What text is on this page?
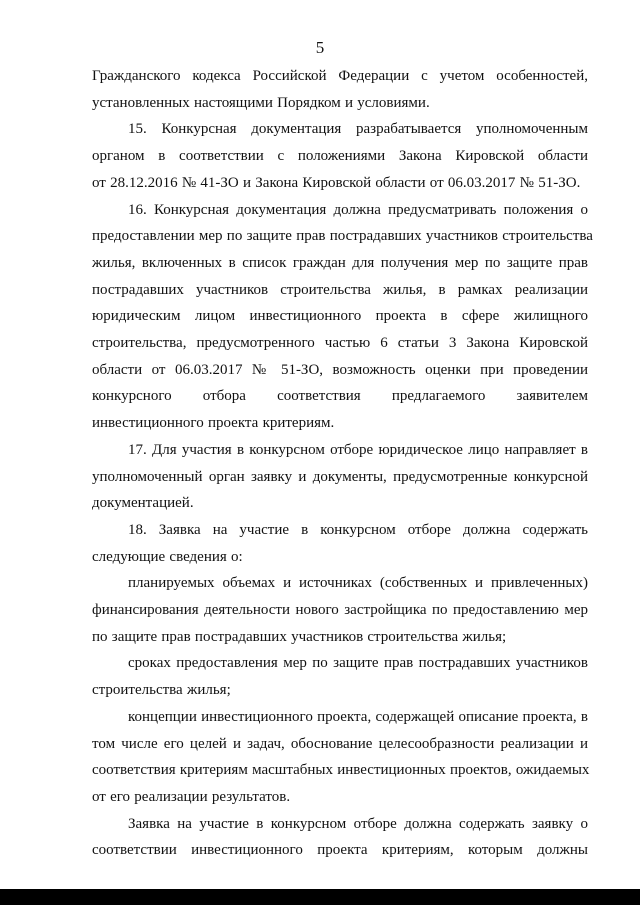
5

Гражданского кодекса Российской Федерации с учетом особенностей,
установленных настоящими Порядком и условиями.

15. Конкурсная документация разрабатывается уполномоченным
органом в соответствии с положениями Закона Кировской области
от 28.12.2016 № 41-ЗО и Закона Кировской области от 06.03.2017 № 51-ЗО.

16. Конкурсная документация должна предусматривать положения о
предоставлении мер по защите прав пострадавших участников строительства
жилья, включенных в список граждан для получения мер по защите прав
пострадавших участников строительства жилья, в рамках реализации
юридическим лицом инвестиционного проекта в сфере жилищного
строительства, предусмотренного частью 6 статьи 3 Закона Кировской
области от 06.03.2017 № 51-ЗО, возможность оценки при проведении
конкурсного отбора соответствия предлагаемого заявителем
инвестиционного проекта критериям.

17. Для участия в конкурсном отборе юридическое лицо направляет в
уполномоченный орган заявку и документы, предусмотренные конкурсной
документацией.

18. Заявка на участие в конкурсном отборе должна содержать
следующие сведения о:

планируемых объемах и источниках (собственных и привлеченных)
финансирования деятельности нового застройщика по предоставлению мер
по защите прав пострадавших участников строительства жилья;

сроках предоставления мер по защите прав пострадавших участников
строительства жилья;

концепции инвестиционного проекта, содержащей описание проекта, в
том числе его целей и задач, обоснование целесообразности реализации и
соответствия критериям масштабных инвестиционных проектов, ожидаемых
от его реализации результатов.

Заявка на участие в конкурсном отборе должна содержать заявку о
соответствии инвестиционного проекта критериям, которым должны
